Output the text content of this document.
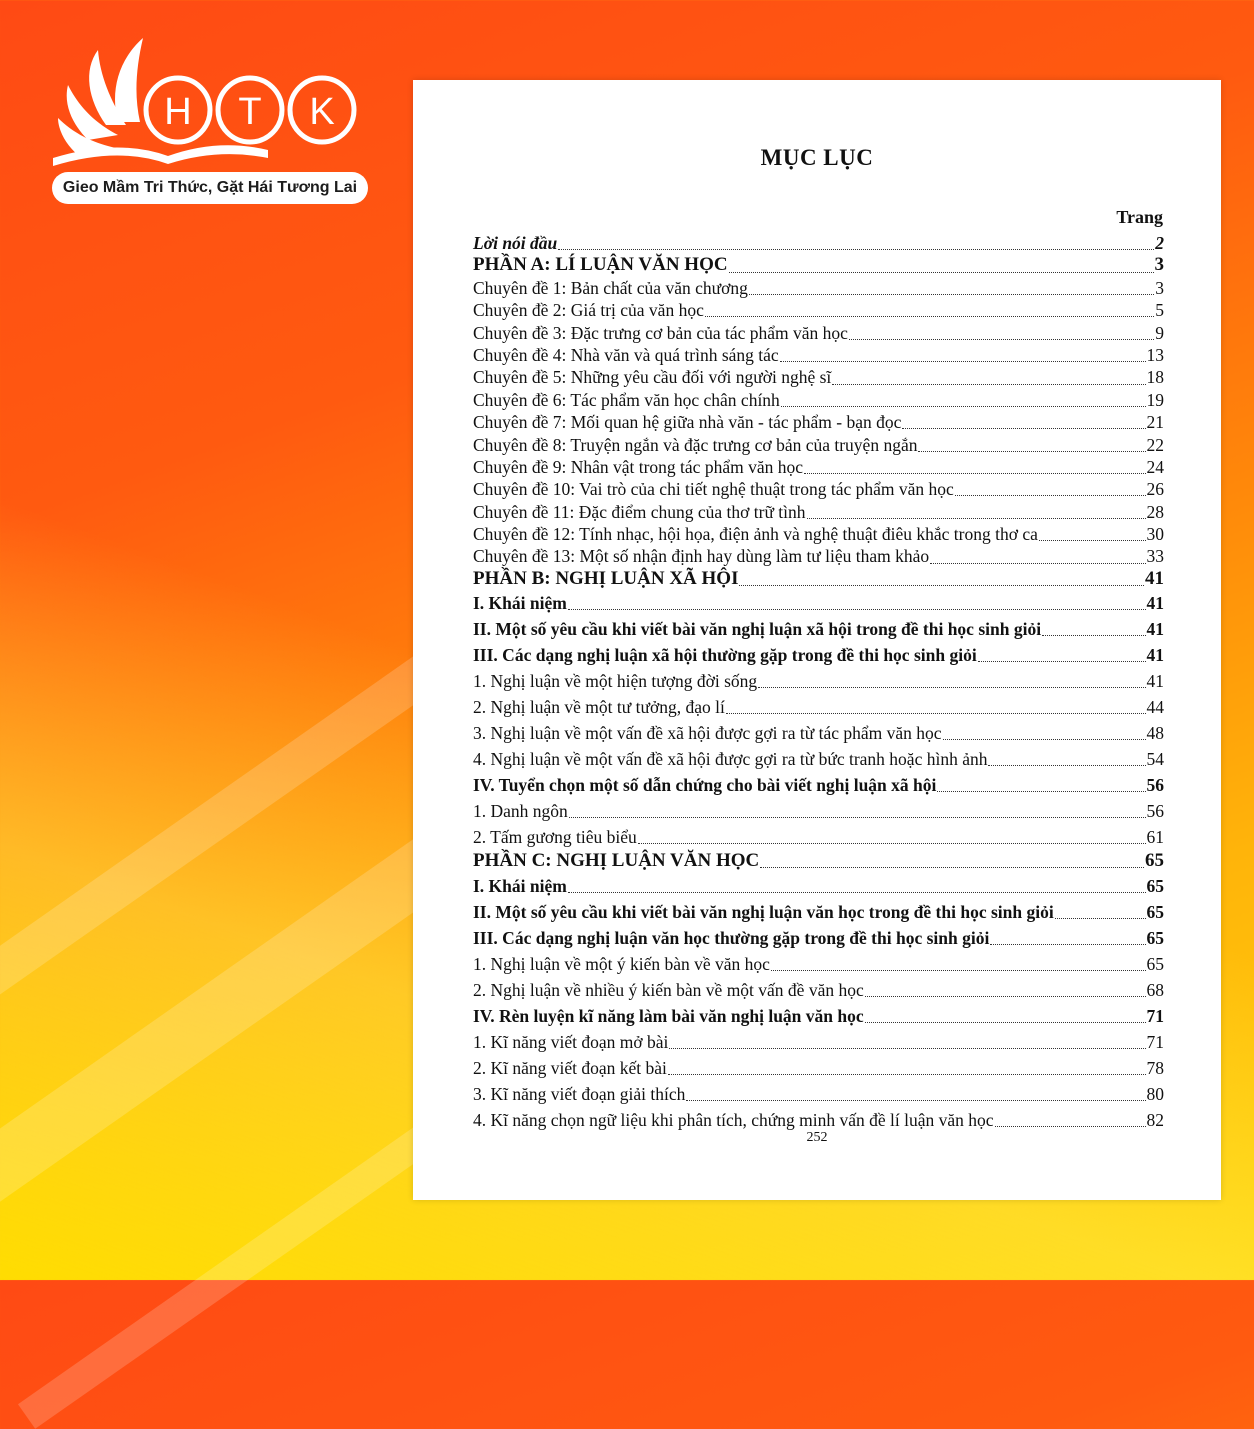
H T K
Gieo Mầm Tri Thức, Gặt Hái Tương Lai
MỤC LỤC
Trang
Lời nói đầu	2
PHẦN A: LÍ LUẬN VĂN HỌC	3
Chuyên đề 1: Bản chất của văn chương	3
Chuyên đề 2: Giá trị của văn học	5
Chuyên đề 3: Đặc trưng cơ bản của tác phẩm văn học	9
Chuyên đề 4: Nhà văn và quá trình sáng tác	13
Chuyên đề 5: Những yêu cầu đối với người nghệ sĩ	18
Chuyên đề 6: Tác phẩm văn học chân chính	19
Chuyên đề 7: Mối quan hệ giữa nhà văn - tác phẩm - bạn đọc	21
Chuyên đề 8: Truyện ngắn và đặc trưng cơ bản của truyện ngắn	22
Chuyên đề 9: Nhân vật trong tác phẩm văn học	24
Chuyên đề 10: Vai trò của chi tiết nghệ thuật trong tác phẩm văn học	26
Chuyên đề 11: Đặc điểm chung của thơ trữ tình	28
Chuyên đề 12: Tính nhạc, hội họa, điện ảnh và nghệ thuật điêu khắc trong thơ ca	30
Chuyên đề 13: Một số nhận định hay dùng làm tư liệu tham khảo	33
PHẦN B: NGHỊ LUẬN XÃ HỘI	41
I. Khái niệm	41
II. Một số yêu cầu khi viết bài văn nghị luận xã hội trong đề thi học sinh giỏi	41
III. Các dạng nghị luận xã hội thường gặp trong đề thi học sinh giỏi	41
1. Nghị luận về một hiện tượng đời sống	41
2. Nghị luận về một tư tưởng, đạo lí	44
3. Nghị luận về một vấn đề xã hội được gợi ra từ tác phẩm văn học	48
4. Nghị luận về một vấn đề xã hội được gợi ra từ bức tranh hoặc hình ảnh	54
IV. Tuyển chọn một số dẫn chứng cho bài viết nghị luận xã hội	56
1. Danh ngôn	56
2. Tấm gương tiêu biểu	61
PHẦN C: NGHỊ LUẬN VĂN HỌC	65
I. Khái niệm	65
II. Một số yêu cầu khi viết bài văn nghị luận văn học trong đề thi học sinh giỏi	65
III. Các dạng nghị luận văn học thường gặp trong đề thi học sinh giỏi	65
1. Nghị luận về một ý kiến bàn về văn học	65
2. Nghị luận về nhiều ý kiến bàn về một vấn đề văn học	68
IV. Rèn luyện kĩ năng làm bài văn nghị luận văn học	71
1. Kĩ năng viết đoạn mở bài	71
2. Kĩ năng viết đoạn kết bài	78
3. Kĩ năng viết đoạn giải thích	80
4. Kĩ năng chọn ngữ liệu khi phân tích, chứng minh vấn đề lí luận văn học	82
252
